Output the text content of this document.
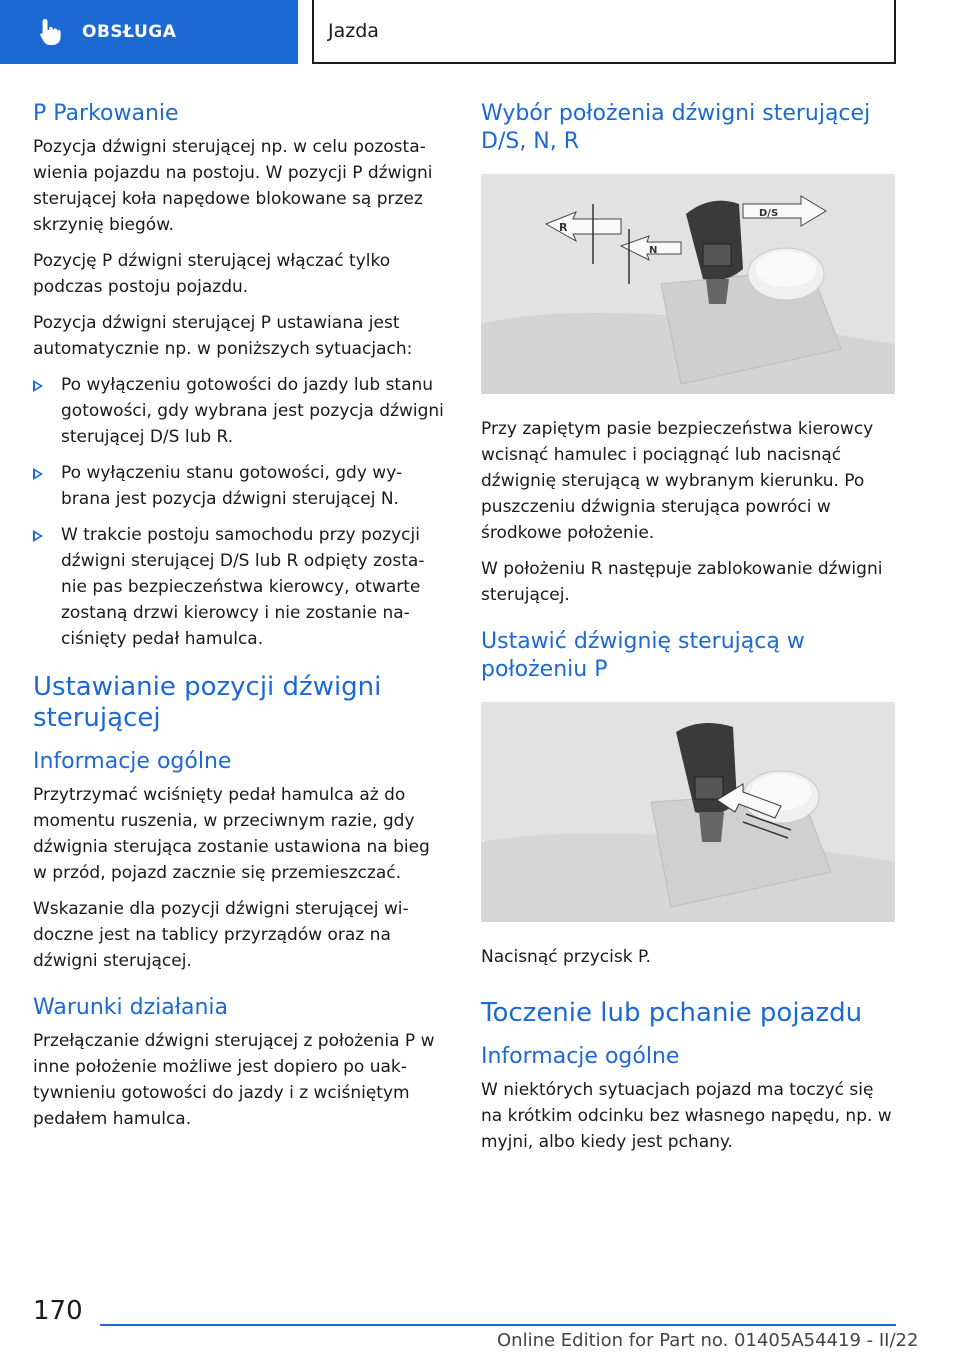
OBSŁUGA	Jazda
P Parkowanie

Pozycja dźwigni sterującej np. w celu pozosta-wienia pojazdu na postoju. W pozycji P dźwigni sterującej koła napędowe blokowane są przez skrzynię biegów.

Pozycję P dźwigni sterującej włączać tylko podczas postoju pojazdu.

Pozycja dźwigni sterującej P ustawiana jest automatycznie np. w poniższych sytuacjach:

Po wyłączeniu gotowości do jazdy lub stanu gotowości, gdy wybrana jest pozycja dźwigni sterującej D/S lub R.
Po wyłączeniu stanu gotowości, gdy wy-brana jest pozycja dźwigni sterującej N.
W trakcie postoju samochodu przy pozycji dźwigni sterującej D/S lub R odpięty zosta-nie pas bezpieczeństwa kierowcy, otwarte zostaną drzwi kierowcy i nie zostanie na-ciśnięty pedał hamulca.
Ustawianie pozycji dźwigni sterującej
Informacje ogólne

Przytrzymać wciśnięty pedał hamulca aż do momentu ruszenia, w przeciwnym razie, gdy dźwignia sterująca zostanie ustawiona na bieg w przód, pojazd zacznie się przemieszczać.

Wskazanie dla pozycji dźwigni sterującej wi-doczne jest na tablicy przyrządów oraz na dźwigni sterującej.

Warunki działania

Przełączanie dźwigni sterującej z położenia P w inne położenie możliwe jest dopiero po uak-tywnieniu gotowości do jazdy i z wciśniętym pedałem hamulca.

Wybór położenia dźwigni sterującej D/S, N, R
R
N
D/S

Przy zapiętym pasie bezpieczeństwa kierowcy wcisnąć hamulec i pociągnąć lub nacisnąć dźwignię sterującą w wybranym kierunku. Po puszczeniu dźwignia sterująca powróci w środkowe położenie.

W położeniu R następuje zablokowanie dźwigni sterującej.

Ustawić dźwignię sterującą w położeniu P

Nacisnąć przycisk P.

Toczenie lub pchanie pojazdu
Informacje ogólne

W niektórych sytuacjach pojazd ma toczyć się na krótkim odcinku bez własnego napędu, np. w myjni, albo kiedy jest pchany.

170
Online Edition for Part no. 01405A54419 - II/22
